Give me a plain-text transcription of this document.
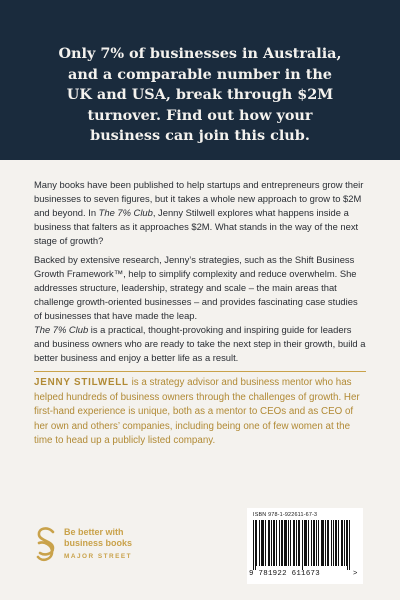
Only 7% of businesses in Australia, and a comparable number in the UK and USA, break through $2M turnover. Find out how your business can join this club.
Many books have been published to help startups and entrepreneurs grow their businesses to seven figures, but it takes a whole new approach to grow to $2M and beyond. In The 7% Club, Jenny Stilwell explores what happens inside a business that falters as it approaches $2M. What stands in the way of the next stage of growth?
Backed by extensive research, Jenny’s strategies, such as the Shift Business Growth Framework™, help to simplify complexity and reduce overwhelm. She addresses structure, leadership, strategy and scale – the main areas that challenge growth-oriented businesses – and provides fascinating case studies of businesses that have made the leap.
The 7% Club is a practical, thought-provoking and inspiring guide for leaders and business owners who are ready to take the next step in their growth, build a better business and enjoy a better life as a result.
JENNY STILWELL is a strategy advisor and business mentor who has helped hundreds of business owners through the challenges of growth. Her first-hand experience is unique, both as a mentor to CEOs and as CEO of her own and others’ companies, including being one of few women at the time to head up a publicly listed company.
Be better with
business books
MAJOR STREET
ISBN 978-1-922611-67-3
9 781922 611673	>
